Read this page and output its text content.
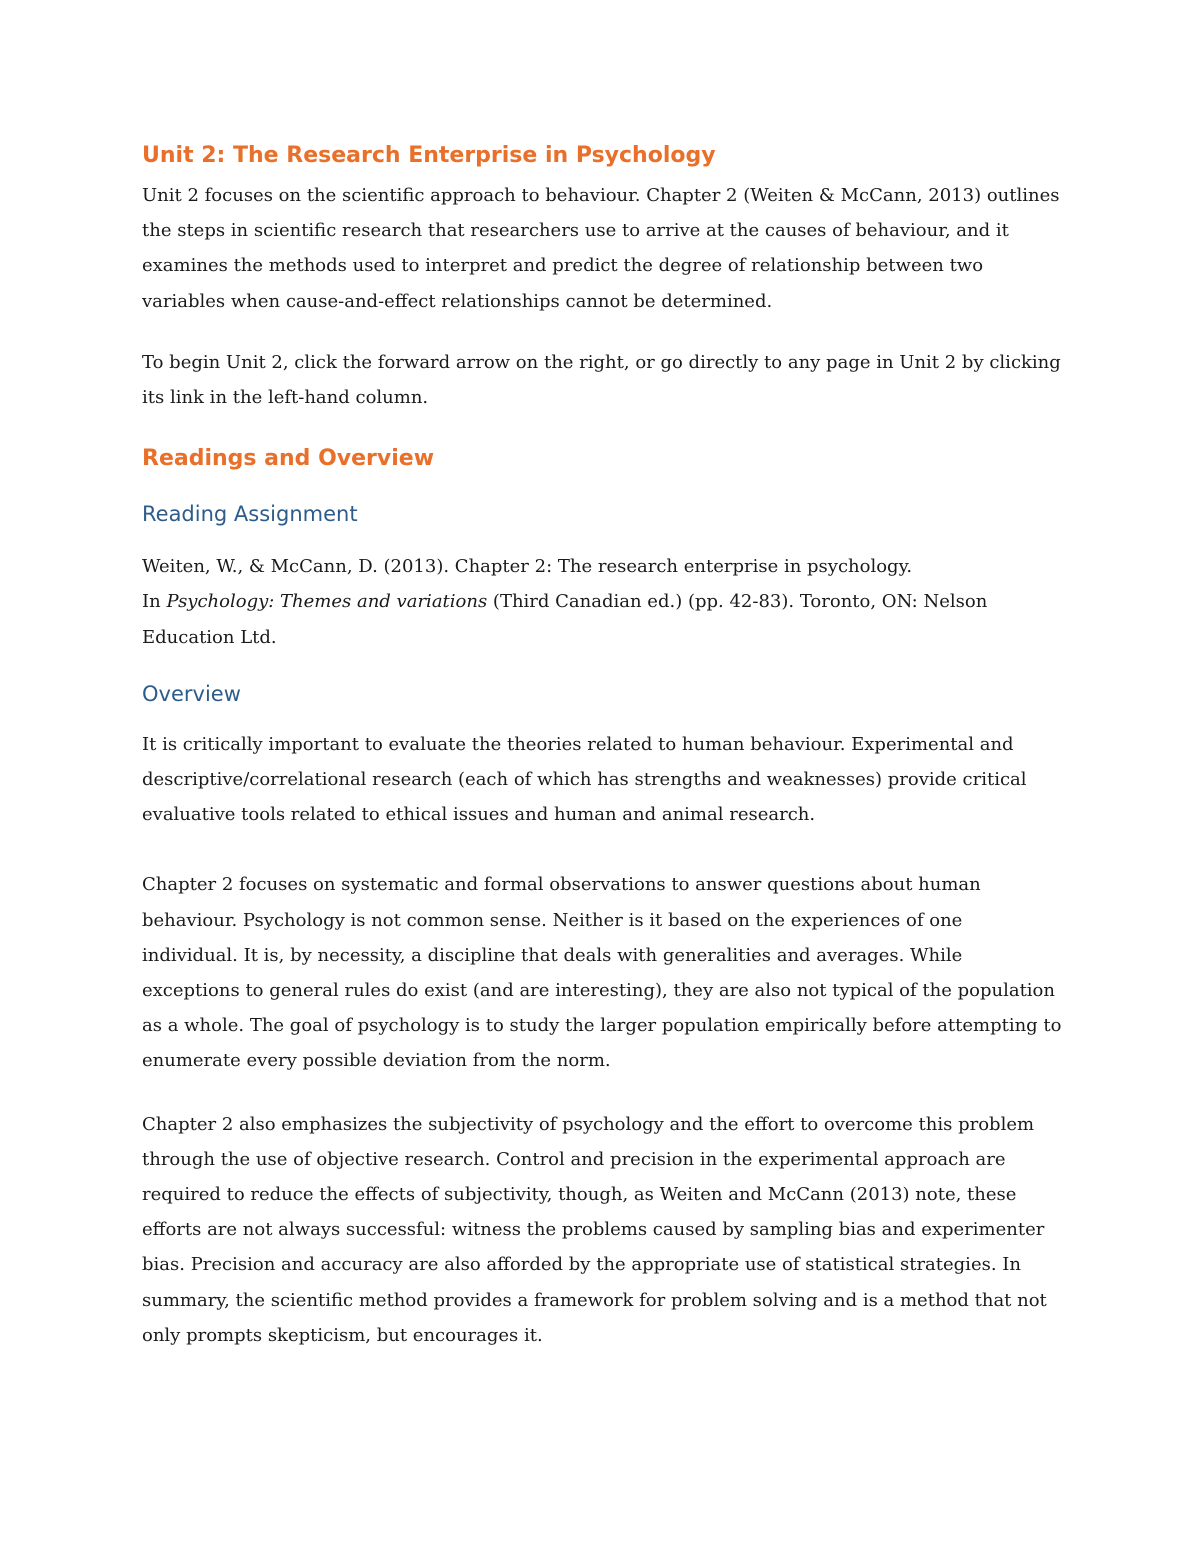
Unit 2: The Research Enterprise in Psychology

Unit 2 focuses on the scientific approach to behaviour. Chapter 2 (Weiten & McCann, 2013) outlines the steps in scientific research that researchers use to arrive at the causes of behaviour, and it examines the methods used to interpret and predict the degree of relationship between two variables when cause-and-effect relationships cannot be determined.

To begin Unit 2, click the forward arrow on the right, or go directly to any page in Unit 2 by clicking its link in the left-hand column.

Readings and Overview
Reading Assignment

Weiten, W., & McCann, D. (2013). Chapter 2: The research enterprise in psychology.
In Psychology: Themes and variations (Third Canadian ed.) (pp. 42-83). Toronto, ON: Nelson Education Ltd.

Overview

It is critically important to evaluate the theories related to human behaviour. Experimental and descriptive/correlational research (each of which has strengths and weaknesses) provide critical evaluative tools related to ethical issues and human and animal research.

Chapter 2 focuses on systematic and formal observations to answer questions about human behaviour. Psychology is not common sense. Neither is it based on the experiences of one individual. It is, by necessity, a discipline that deals with generalities and averages. While exceptions to general rules do exist (and are interesting), they are also not typical of the population as a whole. The goal of psychology is to study the larger population empirically before attempting to enumerate every possible deviation from the norm.

Chapter 2 also emphasizes the subjectivity of psychology and the effort to overcome this problem through the use of objective research. Control and precision in the experimental approach are required to reduce the effects of subjectivity, though, as Weiten and McCann (2013) note, these efforts are not always successful: witness the problems caused by sampling bias and experimenter bias. Precision and accuracy are also afforded by the appropriate use of statistical strategies. In summary, the scientific method provides a framework for problem solving and is a method that not only prompts skepticism, but encourages it.
